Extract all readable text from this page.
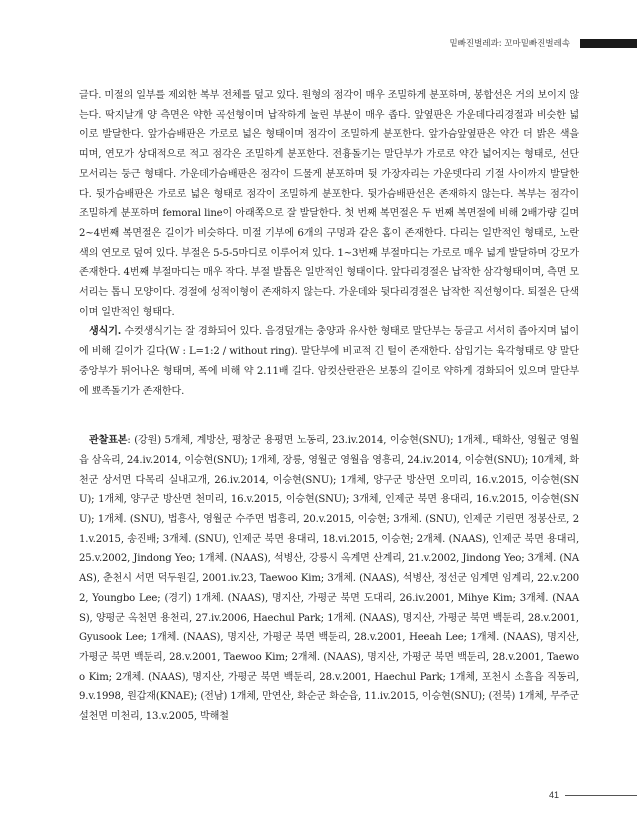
밑빠진벌레과: 꼬마밑빠진벌레속

글다. 미절의 일부를 제외한 복부 전체를 덮고 있다. 원형의 점각이 매우 조밀하게 분포하며, 봉합선은 거의 보이지 않는다. 딱지날개 양 측면은 약한 곡선형이며 납작하게 눌린 부분이 매우 좁다. 앞옆판은 가운데다리경절과 비슷한 넓이로 발달한다. 앞가슴배판은 가로로 넓은 형태이며 점각이 조밀하게 분포한다. 앞가슴앞옆판은 약간 더 밝은 색을 띠며, 연모가 상대적으로 적고 점각은 조밀하게 분포한다. 전흉돌기는 말단부가 가로로 약간 넓어지는 형태로, 선단 모서리는 둥근 형태다. 가운데가슴배판은 점각이 드물게 분포하며 뒷 가장자리는 가운뎃다리 기절 사이까지 발달한다. 뒷가슴배판은 가로로 넓은 형태로 점각이 조밀하게 분포한다. 뒷가슴배판선은 존재하지 않는다. 복부는 점각이 조밀하게 분포하며 femoral line이 아래쪽으로 잘 발달한다. 첫 번째 복면절은 두 번째 복면절에 비해 2배가량 길며 2~4번째 복면절은 길이가 비슷하다. 미절 기부에 6개의 구멍과 같은 홈이 존재한다. 다리는 일반적인 형태로, 노란색의 연모로 덮여 있다. 부절은 5-5-5마디로 이루어져 있다. 1~3번째 부절마디는 가로로 매우 넓게 발달하며 강모가 존재한다. 4번째 부절마디는 매우 작다. 부절 발톱은 일반적인 형태이다. 앞다리경절은 납작한 삼각형태이며, 측면 모서리는 톱니 모양이다. 경절에 성적이형이 존재하지 않는다. 가운데와 뒷다리경절은 납작한 직선형이다. 퇴절은 단색이며 일반적인 형태다.

생식기. 수컷생식기는 잘 경화되어 있다. 음경덮개는 충양과 유사한 형태로 말단부는 둥글고 서서히 좁아지며 넓이에 비해 길이가 길다(W : L=1:2 / without ring). 말단부에 비교적 긴 털이 존재한다. 삽입기는 육각형태로 양 말단 중앙부가 튀어나온 형태며, 폭에 비해 약 2.11배 길다. 암컷산란관은 보통의 길이로 약하게 경화되어 있으며 말단부에 뾰족돌기가 존재한다.

관찰표본: (강원) 5개체, 계방산, 평창군 용평면 노동리, 23.iv.2014, 이승현(SNU); 1개체., 태화산, 영월군 영월읍 삼옥리, 24.iv.2014, 이승현(SNU); 1개체, 장릉, 영월군 영월읍 영흥리, 24.iv.2014, 이승현(SNU); 10개체, 화천군 상서면 다목리 실내고개, 26.iv.2014, 이승현(SNU); 1개체, 양구군 방산면 오미리, 16.v.2015, 이승현(SNU); 1개체, 양구군 방산면 천미리, 16.v.2015, 이승현(SNU); 3개체, 인제군 북면 용대리, 16.v.2015, 이승현(SNU); 1개체. (SNU), 법흥사, 영월군 수주면 법흥리, 20.v.2015, 이승현; 3개체. (SNU), 인제군 기린면 정봉산로, 21.v.2015, 송진배; 3개체. (SNU), 인제군 북면 용대리, 18.vi.2015, 이승현; 2개체. (NAAS), 인제군 북면 용대리, 25.v.2002, Jindong Yeo; 1개체. (NAAS), 석병산, 강릉시 옥계면 산계리, 21.v.2002, Jindong Yeo; 3개체. (NAAS), 춘천시 서면 덕두원길, 2001.iv.23, Taewoo Kim; 3개체. (NAAS), 석병산, 정선군 임계면 임계리, 22.v.2002, Youngbo Lee; (경기) 1개체. (NAAS), 명지산, 가평군 북면 도대리, 26.iv.2001, Mihye Kim; 3개체. (NAAS), 양평군 옥천면 용천리, 27.iv.2006, Haechul Park; 1개체. (NAAS), 명지산, 가평군 북면 백둔리, 28.v.2001, Gyusook Lee; 1개체. (NAAS), 명지산, 가평군 북면 백둔리, 28.v.2001, Heeah Lee; 1개체. (NAAS), 명지산, 가평군 북면 백둔리, 28.v.2001, Taewoo Kim; 2개체. (NAAS), 명지산, 가평군 북면 백둔리, 28.v.2001, Taewoo Kim; 2개체. (NAAS), 명지산, 가평군 북면 백둔리, 28.v.2001, Haechul Park; 1개체, 포천시 소흘읍 직동리, 9.v.1998, 원갑재(KNAE); (전남) 1개체, 만연산, 화순군 화순읍, 11.iv.2015, 이승현(SNU); (전북) 1개체, 무주군 설천면 미천리, 13.v.2005, 박해철

41
